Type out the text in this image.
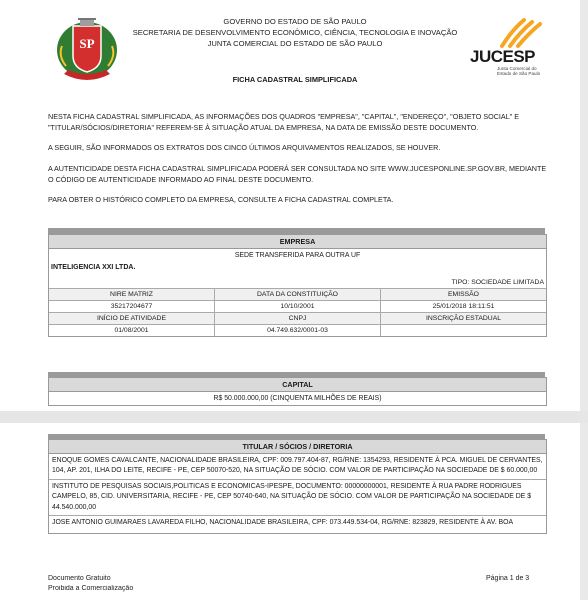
SP
GOVERNO DO ESTADO DE SÃO PAULO
SECRETARIA DE DESENVOLVIMENTO ECONÔMICO, CIÊNCIA, TECNOLOGIA E INOVAÇÃO
JUNTA COMERCIAL DO ESTADO DE SÃO PAULO
FICHA CADASTRAL SIMPLIFICADA
JUCESP
Junta Comercial do Estado de São Paulo
NESTA FICHA CADASTRAL SIMPLIFICADA, AS INFORMAÇÕES DOS QUADROS "EMPRESA", "CAPITAL", "ENDEREÇO", "OBJETO SOCIAL" E "TITULAR/SÓCIOS/DIRETORIA" REFEREM-SE À SITUAÇÃO ATUAL DA EMPRESA, NA DATA DE EMISSÃO DESTE DOCUMENTO.
A SEGUIR, SÃO INFORMADOS OS EXTRATOS DOS CINCO ÚLTIMOS ARQUIVAMENTOS REALIZADOS, SE HOUVER.
A AUTENTICIDADE DESTA FICHA CADASTRAL SIMPLIFICADA PODERÁ SER CONSULTADA NO SITE WWW.JUCESPONLINE.SP.GOV.BR, MEDIANTE O CÓDIGO DE AUTENTICIDADE INFORMADO AO FINAL DESTE DOCUMENTO.
PARA OBTER O HISTÓRICO COMPLETO DA EMPRESA, CONSULTE A FICHA CADASTRAL COMPLETA.
EMPRESA
SEDE TRANSFERIDA PARA OUTRA UF
INTELIGENCIA XXI LTDA.
TIPO: SOCIEDADE LIMITADA
NIRE MATRIZ	DATA DA CONSTITUIÇÃO	EMISSÃO
35217204677	10/10/2001	25/01/2018 18:11:51
INÍCIO DE ATIVIDADE	CNPJ	INSCRIÇÃO ESTADUAL
01/08/2001	04.749.632/0001-03

CAPITAL
R$ 50.000.000,00 (CINQUENTA MILHÕES DE REAIS)
TITULAR / SÓCIOS / DIRETORIA
ENOQUE GOMES CAVALCANTE, NACIONALIDADE BRASILEIRA, CPF: 009.797.404-87, RG/RNE: 1354293, RESIDENTE À PCA. MIGUEL DE CERVANTES, 104, AP. 201, ILHA DO LEITE, RECIFE - PE, CEP 50070-520, NA SITUAÇÃO DE SÓCIO. COM VALOR DE PARTICIPAÇÃO NA SOCIEDADE DE $ 60.000,00
INSTITUTO DE PESQUISAS SOCIAIS,POLITICAS E ECONOMICAS-IPESPE, DOCUMENTO: 00000000001, RESIDENTE À RUA PADRE RODRIGUES CAMPELO, 85, CID. UNIVERSITARIA, RECIFE - PE, CEP 50740-640, NA SITUAÇÃO DE SÓCIO. COM VALOR DE PARTICIPAÇÃO NA SOCIEDADE DE $ 44.540.000,00
JOSE ANTONIO GUIMARAES LAVAREDA FILHO, NACIONALIDADE BRASILEIRA, CPF: 073.449.534-04, RG/RNE: 823829, RESIDENTE À AV. BOA
Documento Gratuito
Proibida a Comercialização
Página 1 de 3
